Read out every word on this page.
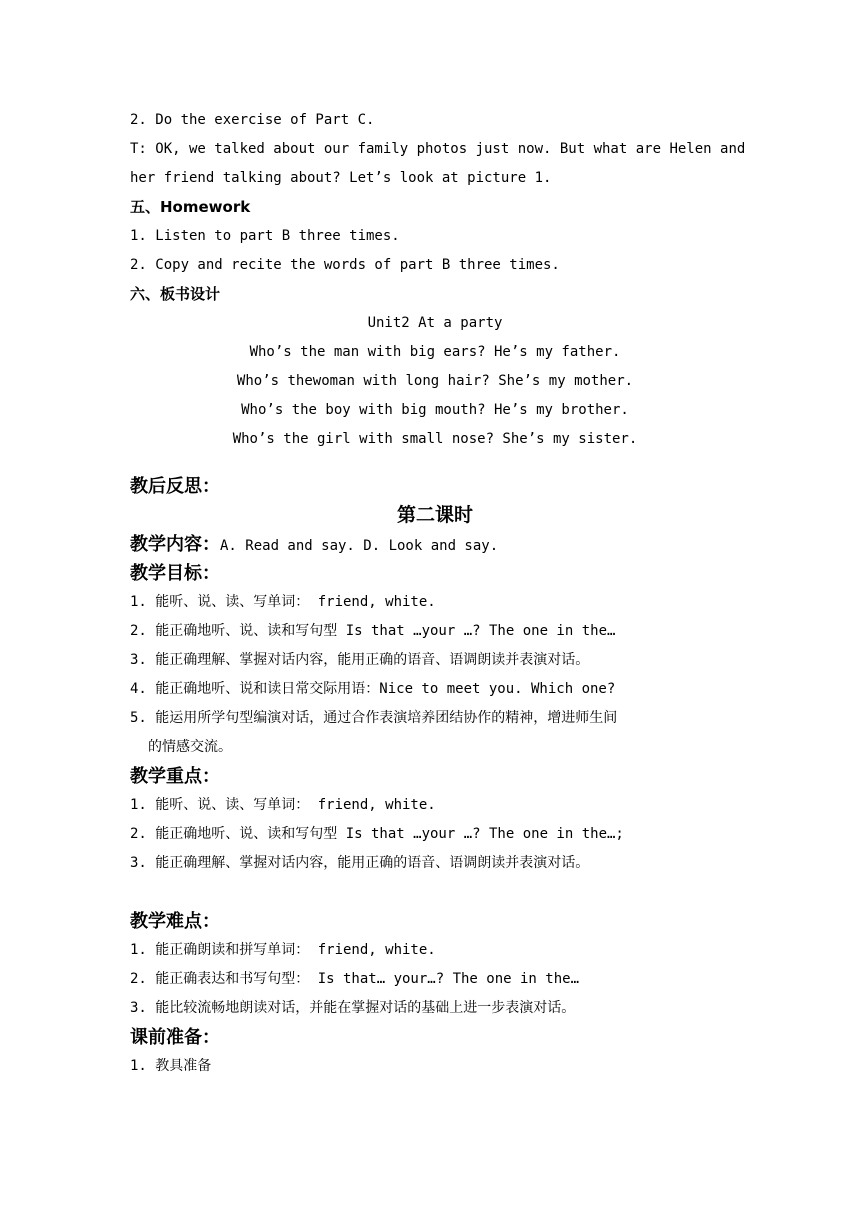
2. Do the exercise of Part C.
T: OK, we talked about our family photos just now. But what are Helen and
her friend talking about? Let’s look at picture 1.
五、Homework
1. Listen to part B three times.
2. Copy and recite the words of part B three times.
六、板书设计
Unit2 At a party
Who’s the man with big ears? He’s my father.
Who’s thewoman with long hair? She’s my mother.
Who’s the boy with big mouth? He’s my brother.
Who’s the girl with small nose? She’s my sister.
教后反思：
第二课时
教学内容：A. Read and say. D. Look and say.
教学目标：
1. 能听、说、读、写单词： friend, white.
2. 能正确地听、说、读和写句型 Is that …your …? The one in the…
3. 能正确理解、掌握对话内容，能用正确的语音、语调朗读并表演对话。
4. 能正确地听、说和读日常交际用语：Nice to meet you. Which one?
5. 能运用所学句型编演对话，通过合作表演培养团结协作的精神，增进师生间
的情感交流。
教学重点：
1. 能听、说、读、写单词： friend, white.
2. 能正确地听、说、读和写句型 Is that …your …? The one in the…;
3. 能正确理解、掌握对话内容，能用正确的语音、语调朗读并表演对话。
教学难点：
1. 能正确朗读和拼写单词： friend, white.
2. 能正确表达和书写句型： Is that… your…? The one in the…
3. 能比较流畅地朗读对话，并能在掌握对话的基础上进一步表演对话。
课前准备：
1. 教具准备
